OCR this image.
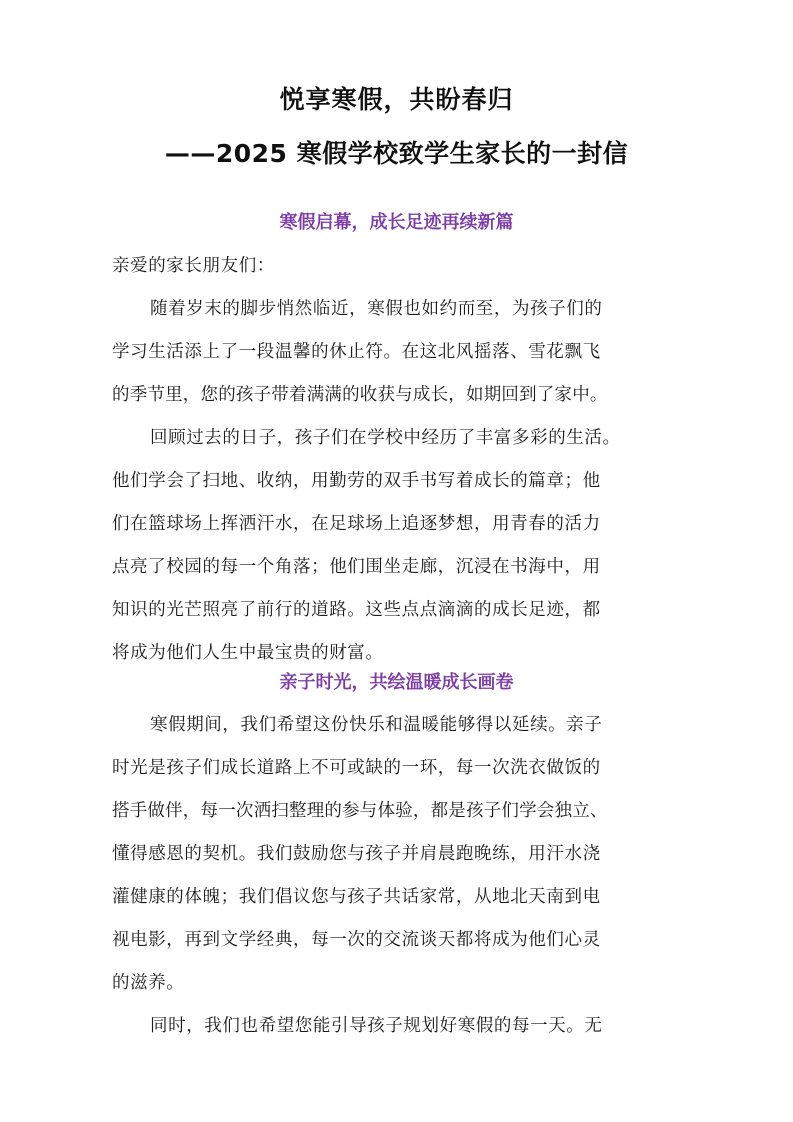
悦享寒假，共盼春归
——2025 寒假学校致学生家长的一封信
寒假启幕，成长足迹再续新篇
亲爱的家长朋友们：
随着岁末的脚步悄然临近，寒假也如约而至，为孩子们的
学习生活添上了一段温馨的休止符。在这北风摇落、雪花飘飞
的季节里，您的孩子带着满满的收获与成长，如期回到了家中。
回顾过去的日子，孩子们在学校中经历了丰富多彩的生活。
他们学会了扫地、收纳，用勤劳的双手书写着成长的篇章；他
们在篮球场上挥洒汗水，在足球场上追逐梦想，用青春的活力
点亮了校园的每一个角落；他们围坐走廊，沉浸在书海中，用
知识的光芒照亮了前行的道路。这些点点滴滴的成长足迹，都
将成为他们人生中最宝贵的财富。
亲子时光，共绘温暖成长画卷
寒假期间，我们希望这份快乐和温暖能够得以延续。亲子
时光是孩子们成长道路上不可或缺的一环，每一次洗衣做饭的
搭手做伴，每一次洒扫整理的参与体验，都是孩子们学会独立、
懂得感恩的契机。我们鼓励您与孩子并肩晨跑晚练，用汗水浇
灌健康的体魄；我们倡议您与孩子共话家常，从地北天南到电
视电影，再到文学经典，每一次的交流谈天都将成为他们心灵
的滋养。
同时，我们也希望您能引导孩子规划好寒假的每一天。无
